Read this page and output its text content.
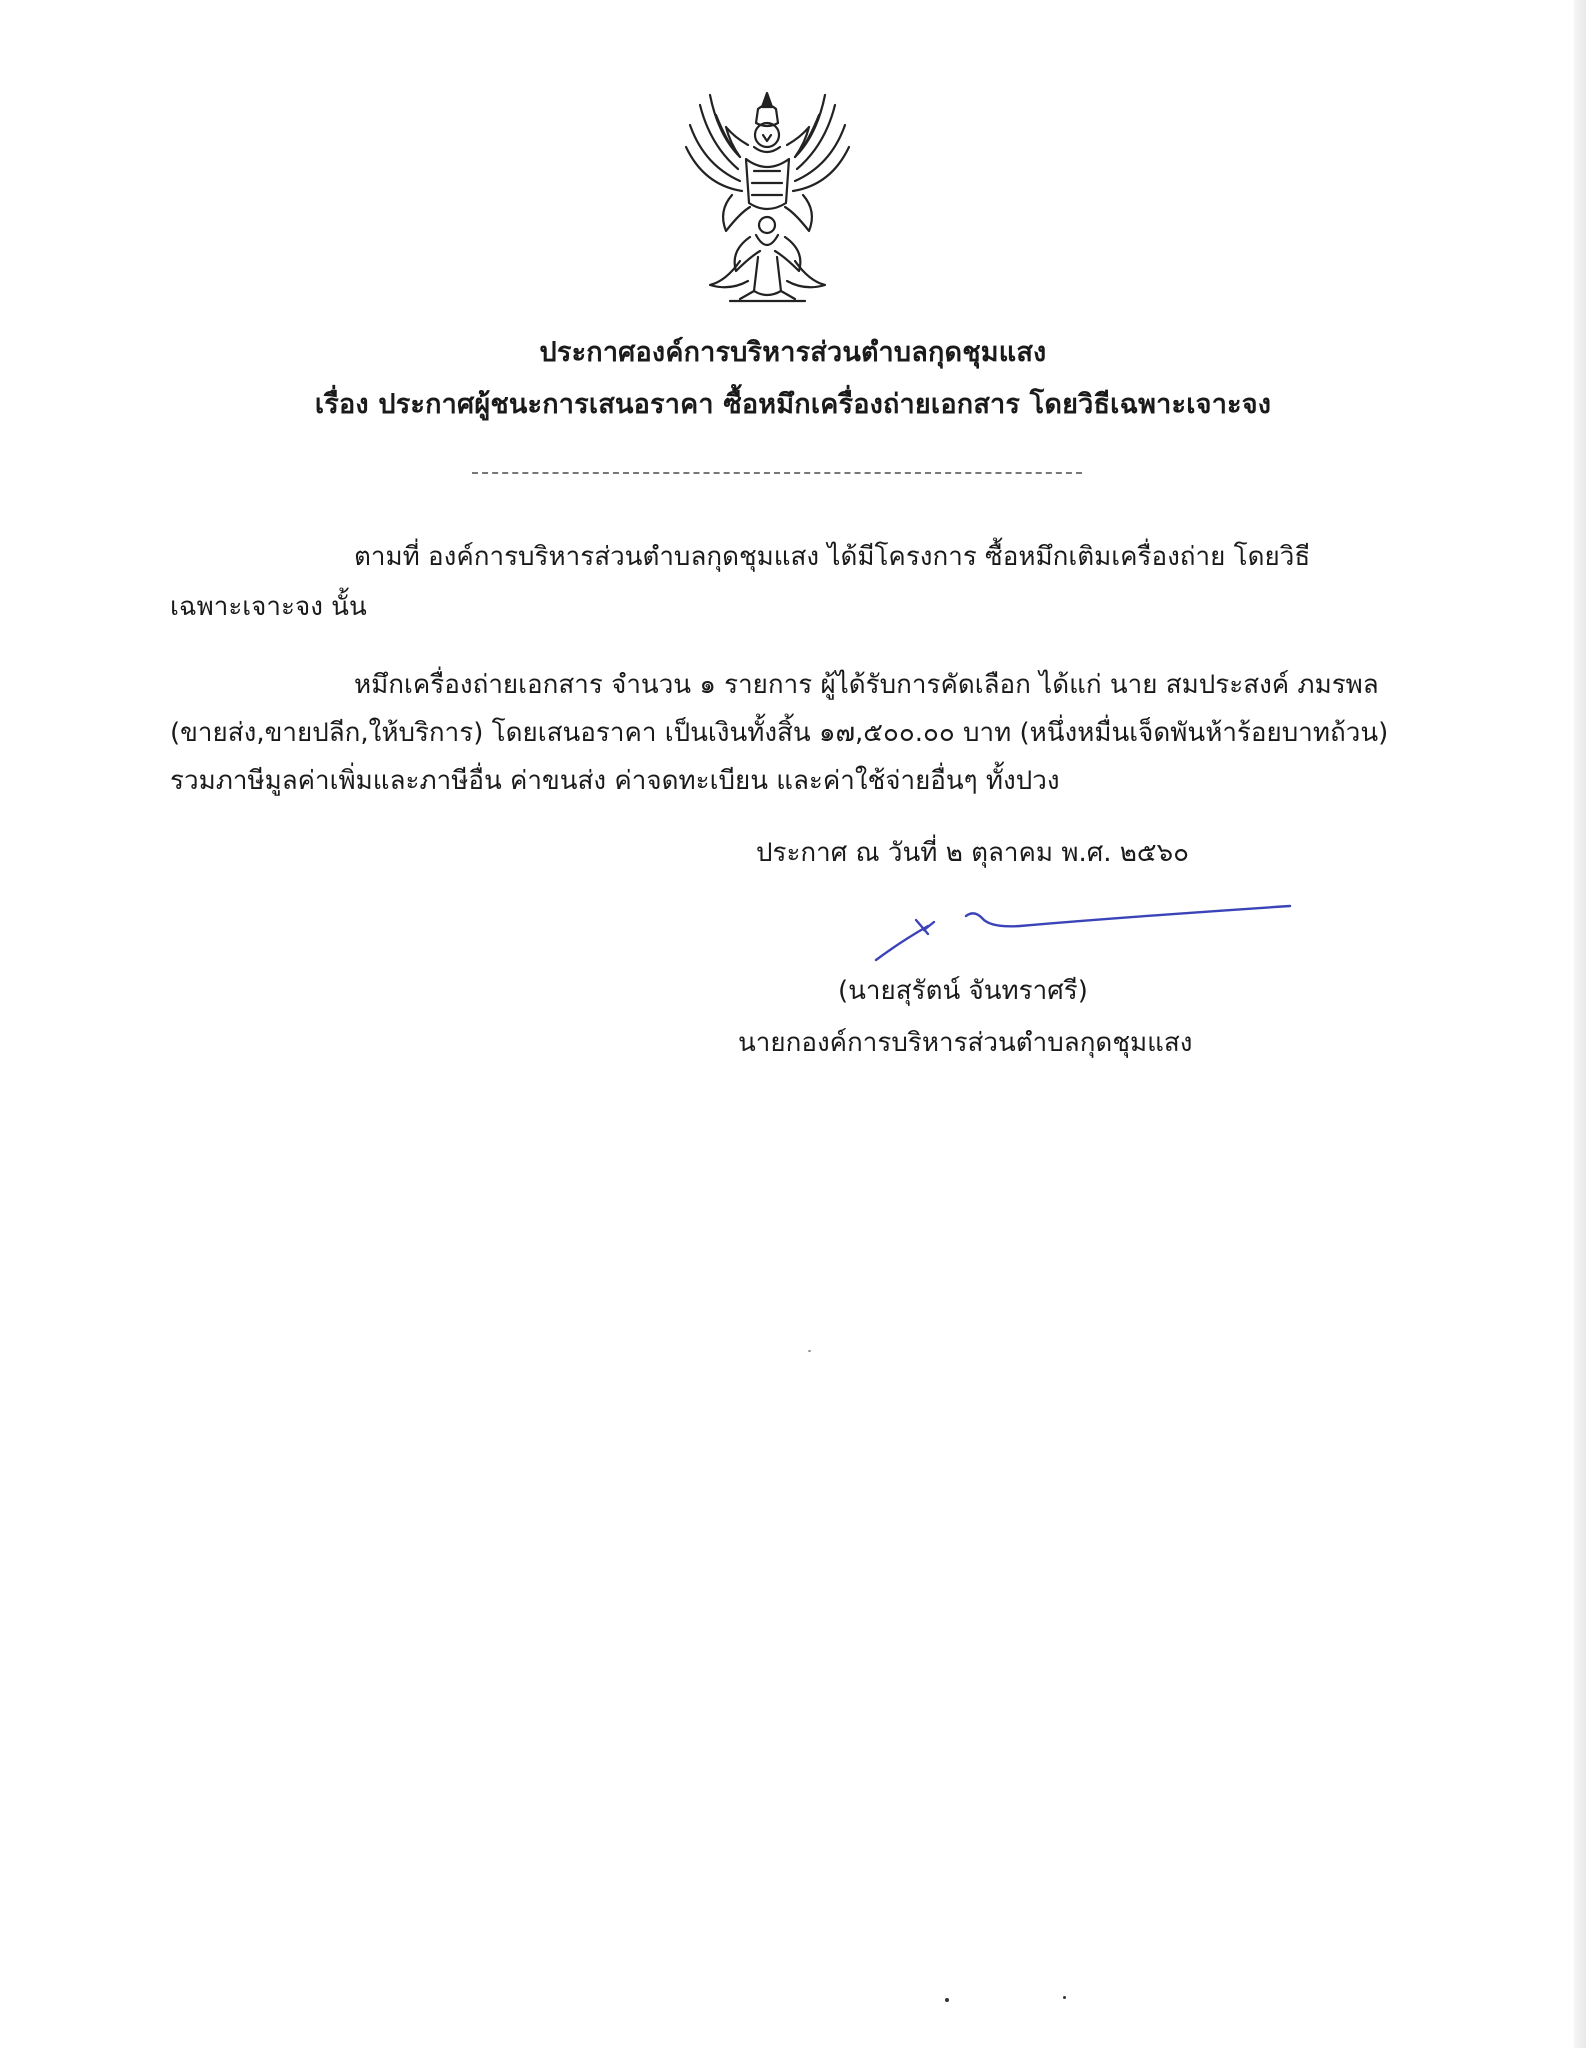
ประกาศองค์การบริหารส่วนตำบลกุดชุมแสง
เรื่อง ประกาศผู้ชนะการเสนอราคา ซื้อหมึกเครื่องถ่ายเอกสาร โดยวิธีเฉพาะเจาะจง
ตามที่ องค์การบริหารส่วนตำบลกุดชุมแสง ได้มีโครงการ ซื้อหมึกเติมเครื่องถ่าย โดยวิธี
เฉพาะเจาะจง นั้น
หมึกเครื่องถ่ายเอกสาร จำนวน ๑ รายการ ผู้ได้รับการคัดเลือก ได้แก่ นาย สมประสงค์ ภมรพล
(ขายส่ง,ขายปลีก,ให้บริการ) โดยเสนอราคา เป็นเงินทั้งสิ้น ๑๗,๕๐๐.๐๐ บาท (หนึ่งหมื่นเจ็ดพันห้าร้อยบาทถ้วน)
รวมภาษีมูลค่าเพิ่มและภาษีอื่น ค่าขนส่ง ค่าจดทะเบียน และค่าใช้จ่ายอื่นๆ ทั้งปวง
ประกาศ ณ วันที่ ๒ ตุลาคม พ.ศ. ๒๕๖๐
(นายสุรัตน์ จันทราศรี)
นายกองค์การบริหารส่วนตำบลกุดชุมแสง
